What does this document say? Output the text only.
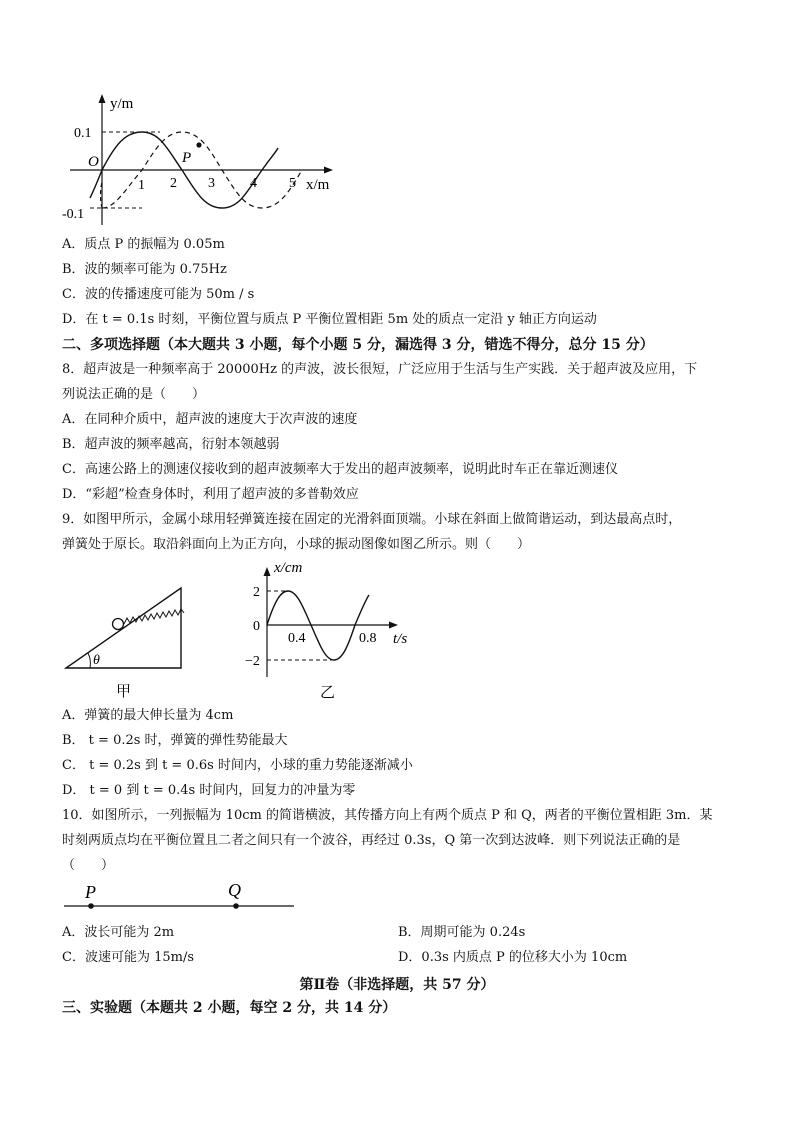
y/m
x/m
0.1
-0.1
O
1 2 3	4 5
P
A．质点 P 的振幅为 0.05m
B．波的频率可能为 0.75Hz
C．波的传播速度可能为 50m / s
D．在 t = 0.1s 时刻，平衡位置与质点 P 平衡位置相距 5m 处的质点一定沿 y 轴正方向运动
二、多项选择题（本大题共 3 小题，每个小题 5 分，漏选得 3 分，错选不得分，总分 15 分）
8．超声波是一种频率高于 20000Hz 的声波，波长很短，广泛应用于生活与生产实践．关于超声波及应用，下
列说法正确的是（　　）
A．在同种介质中，超声波的速度大于次声波的速度
B．超声波的频率越高，衍射本领越弱
C．高速公路上的测速仪接收到的超声波频率大于发出的超声波频率，说明此时车正在靠近测速仪
D．“彩超”检查身体时，利用了超声波的多普勒效应
9．如图甲所示，金属小球用轻弹簧连接在固定的光滑斜面顶端。小球在斜面上做简谐运动，到达最高点时，
弹簧处于原长。取沿斜面向上为正方向，小球的振动图像如图乙所示。则（　　）
θ
甲
x/cm
t/s
2
−2
0
0.4	0.8
乙
A．弹簧的最大伸长量为 4cm
B． t = 0.2s 时，弹簧的弹性势能最大
C． t = 0.2s 到 t = 0.6s 时间内，小球的重力势能逐渐减小
D． t = 0 到 t = 0.4s 时间内，回复力的冲量为零
10．如图所示，一列振幅为 10cm 的简谐横波，其传播方向上有两个质点 P 和 Q，两者的平衡位置相距 3m．某
时刻两质点均在平衡位置且二者之间只有一个波谷，再经过 0.3s，Q 第一次到达波峰．则下列说法正确的是
（　　）
P	Q
A．波长可能为 2m	B．周期可能为 0.24s
C．波速可能为 15m/s	D．0.3s 内质点 P 的位移大小为 10cm
第Ⅱ卷（非选择题，共 57 分）
三、实验题（本题共 2 小题，每空 2 分，共 14 分）
